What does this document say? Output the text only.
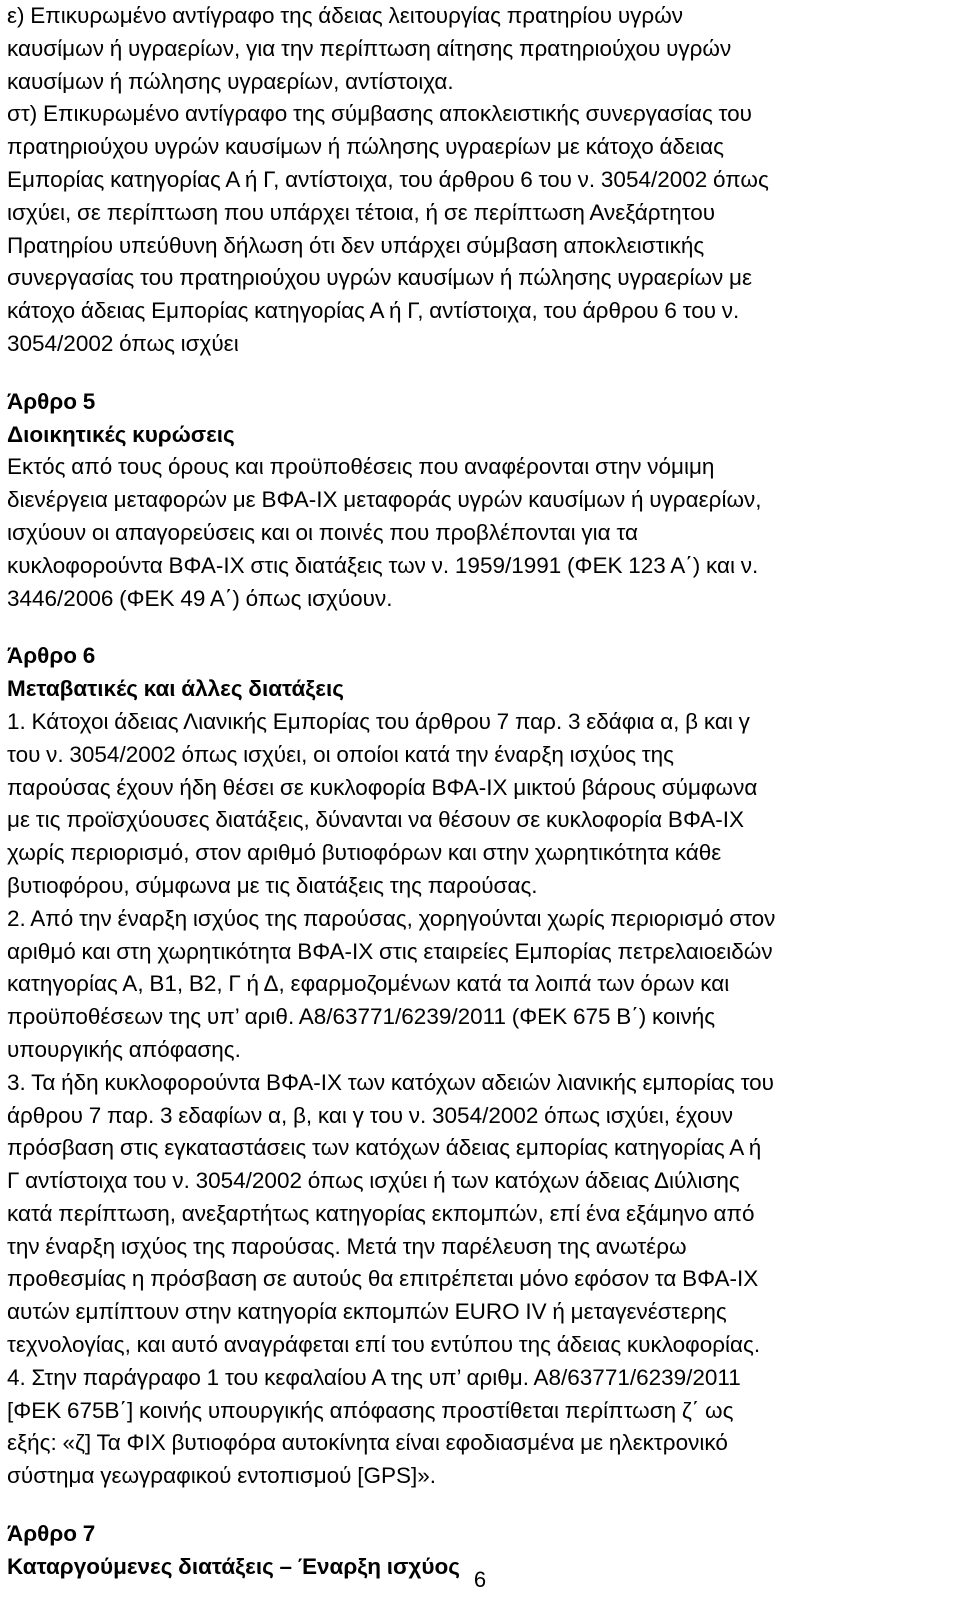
ε) Επικυρωμένο αντίγραφο της άδειας λειτουργίας πρατηρίου υγρών
καυσίμων ή υγραερίων, για την περίπτωση αίτησης πρατηριούχου υγρών
καυσίμων ή πώλησης υγραερίων, αντίστοιχα.
στ) Επικυρωμένο αντίγραφο της σύμβασης αποκλειστικής συνεργασίας του
πρατηριούχου υγρών καυσίμων ή πώλησης υγραερίων με κάτοχο άδειας
Εμπορίας κατηγορίας Α ή Γ, αντίστοιχα, του άρθρου 6 του ν. 3054/2002 όπως
ισχύει, σε περίπτωση που υπάρχει τέτοια, ή σε περίπτωση Ανεξάρτητου
Πρατηρίου υπεύθυνη δήλωση ότι δεν υπάρχει σύμβαση αποκλειστικής
συνεργασίας του πρατηριούχου υγρών καυσίμων ή πώλησης υγραερίων με
κάτοχο άδειας Εμπορίας κατηγορίας Α ή Γ, αντίστοιχα, του άρθρου 6 του ν.
3054/2002 όπως ισχύει
Άρθρο 5
Διοικητικές κυρώσεις
Εκτός από τους όρους και προϋποθέσεις που αναφέρονται στην νόμιμη
διενέργεια μεταφορών με ΒΦΑ-ΙΧ μεταφοράς υγρών καυσίμων ή υγραερίων,
ισχύουν οι απαγορεύσεις και οι ποινές που προβλέπονται για τα
κυκλοφορούντα ΒΦΑ-ΙΧ στις διατάξεις των ν. 1959/1991 (ΦΕΚ 123 Α΄) και ν.
3446/2006 (ΦΕΚ 49 Α΄) όπως ισχύουν.
Άρθρο 6
Μεταβατικές και άλλες διατάξεις
1. Κάτοχοι άδειας Λιανικής Εμπορίας του άρθρου 7 παρ. 3 εδάφια α, β και γ
του ν. 3054/2002 όπως ισχύει, οι οποίοι κατά την έναρξη ισχύος της
παρούσας έχουν ήδη θέσει σε κυκλοφορία ΒΦΑ-ΙΧ μικτού βάρους σύμφωνα
με τις προϊσχύουσες διατάξεις, δύνανται να θέσουν σε κυκλοφορία ΒΦΑ-ΙΧ
χωρίς περιορισμό, στον αριθμό βυτιοφόρων και στην χωρητικότητα κάθε
βυτιοφόρου, σύμφωνα με τις διατάξεις της παρούσας.
2. Από την έναρξη ισχύος της παρούσας, χορηγούνται χωρίς περιορισμό στον
αριθμό και στη χωρητικότητα ΒΦΑ-ΙΧ στις εταιρείες Εμπορίας πετρελαιοειδών
κατηγορίας Α, Β1, Β2, Γ ή Δ, εφαρμοζομένων κατά τα λοιπά των όρων και
προϋποθέσεων της υπ’ αριθ. Α8/63771/6239/2011 (ΦΕΚ 675 Β΄) κοινής
υπουργικής απόφασης.
3. Τα ήδη κυκλοφορούντα ΒΦΑ-ΙΧ των κατόχων αδειών λιανικής εμπορίας του
άρθρου 7 παρ. 3 εδαφίων α, β, και γ του ν. 3054/2002 όπως ισχύει, έχουν
πρόσβαση στις εγκαταστάσεις των κατόχων άδειας εμπορίας κατηγορίας Α ή
Γ αντίστοιχα του ν. 3054/2002 όπως ισχύει ή των κατόχων άδειας Διύλισης
κατά περίπτωση, ανεξαρτήτως κατηγορίας εκπομπών, επί ένα εξάμηνο από
την έναρξη ισχύος της παρούσας. Μετά την παρέλευση της ανωτέρω
προθεσμίας η πρόσβαση σε αυτούς θα επιτρέπεται μόνο εφόσον τα ΒΦΑ-ΙΧ
αυτών εμπίπτουν στην κατηγορία εκπομπών EURO IV ή μεταγενέστερης
τεχνολογίας, και αυτό αναγράφεται επί του εντύπου της άδειας κυκλοφορίας.
4. Στην παράγραφο 1 του κεφαλαίου Α της υπ’ αριθμ. Α8/63771/6239/2011
[ΦΕΚ 675Β΄] κοινής υπουργικής απόφασης προστίθεται περίπτωση ζ΄ ως
εξής: «ζ] Τα ΦΙΧ βυτιοφόρα αυτοκίνητα είναι εφοδιασμένα με ηλεκτρονικό
σύστημα γεωγραφικού εντοπισμού [GPS]».
Άρθρο 7
Καταργούμενες διατάξεις – Έναρξη ισχύος
6
